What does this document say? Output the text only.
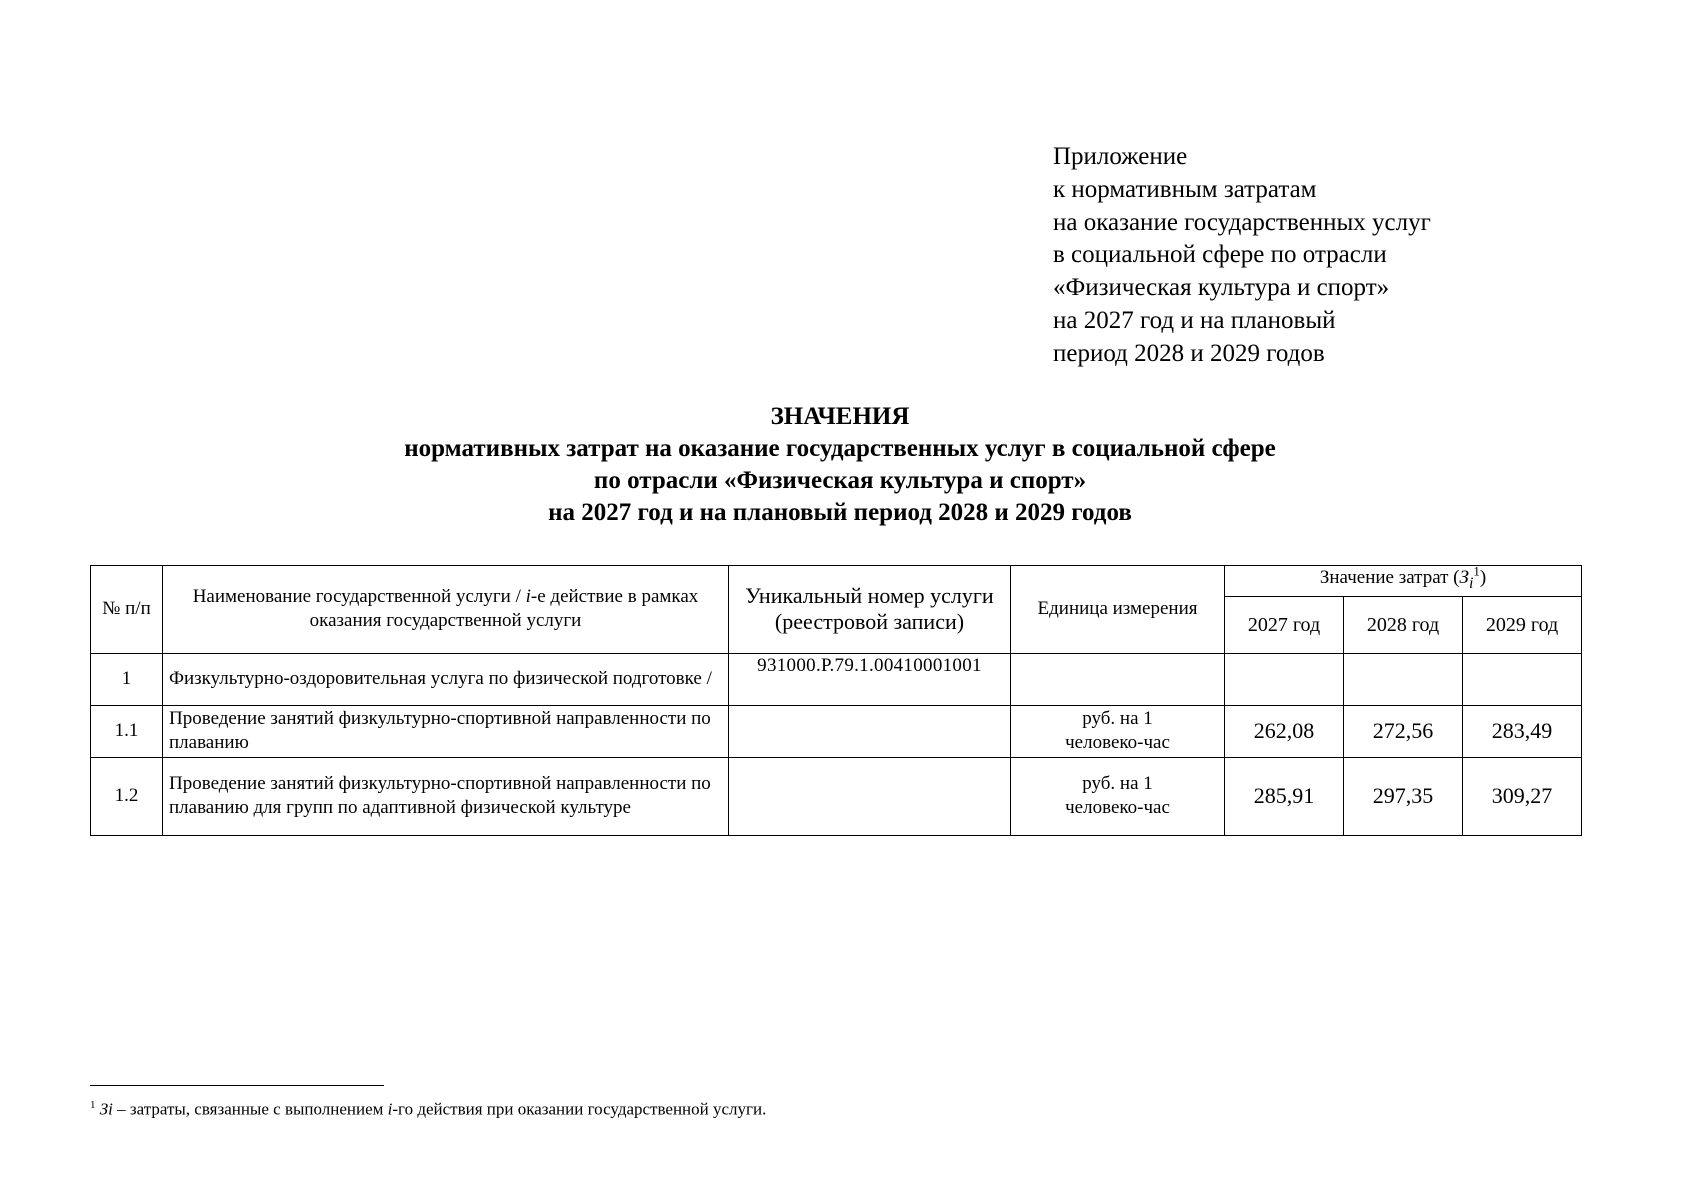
Приложение
к нормативным затратам
на оказание государственных услуг
в социальной сфере по отрасли
«Физическая культура и спорт»
на 2027 год и на плановый
период 2028 и 2029 годов
ЗНАЧЕНИЯ
нормативных затрат на оказание государственных услуг в социальной сфере
по отрасли «Физическая культура и спорт»
на 2027 год и на плановый период 2028 и 2029 годов
№ п/п	Наименование государственной услуги / i-е действие в рамках оказания государственной услуги	Уникальный номер услуги (реестровой записи)	Единица измерения	Значение затрат $(З_i^1)$		
				2027 год	2028 год	2029 год
1	Физкультурно-оздоровительная услуга по физической подготовке /	931000.Р.79.1.00410001001				
1.1	Проведение занятий физкультурно-спортивной направленности по плаванию		руб. на 1 человеко-час	262,08	272,56	283,49
1.2	Проведение занятий физкультурно-спортивной направленности по плаванию для групп по адаптивной физической культуре		руб. на 1 человеко-час	285,91	297,35	309,27
$^1$ Зi – затраты, связанные с выполнением i-го действия при оказании государственной услуги.
